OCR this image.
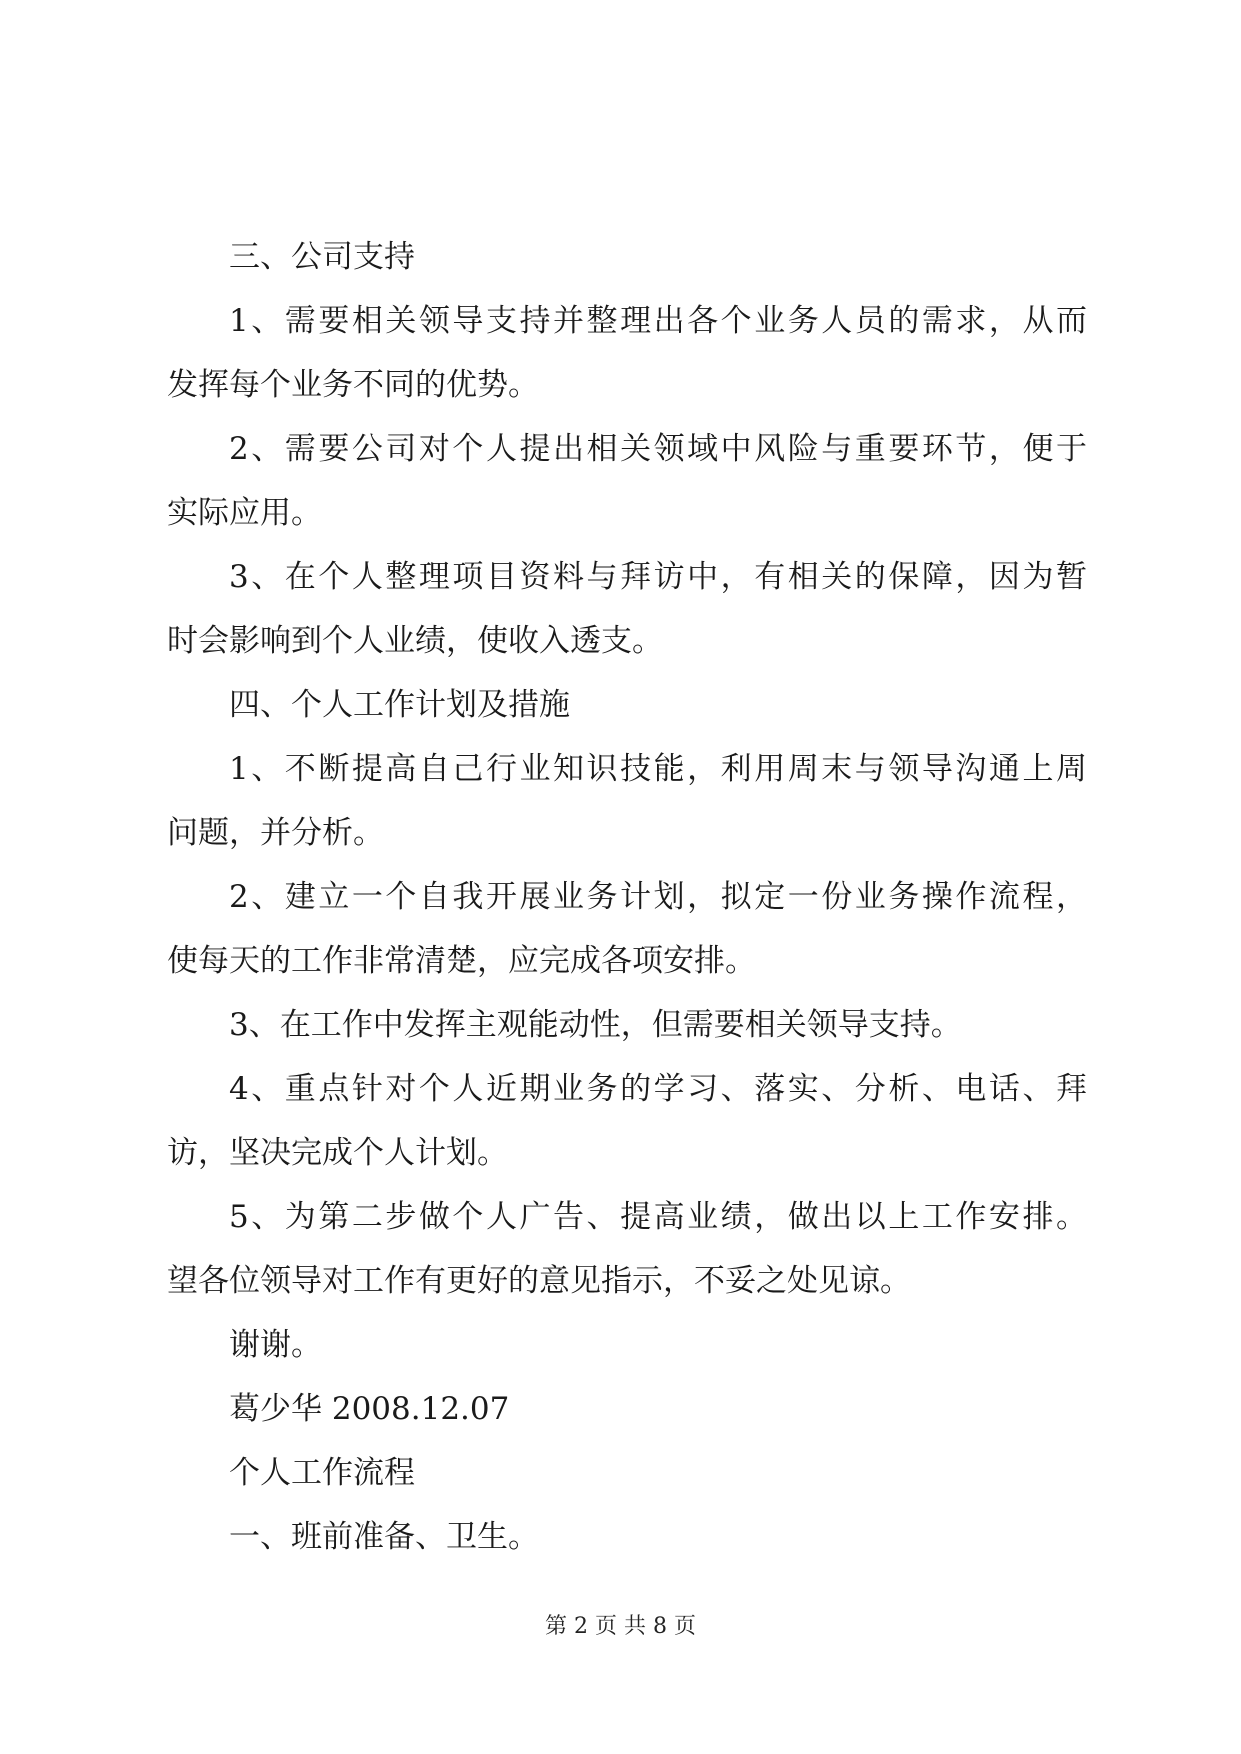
三、公司支持
1、需要相关领导支持并整理出各个业务人员的需求，从而
发挥每个业务不同的优势。
2、需要公司对个人提出相关领域中风险与重要环节，便于
实际应用。
3、在个人整理项目资料与拜访中，有相关的保障，因为暂
时会影响到个人业绩，使收入透支。
四、个人工作计划及措施
1、不断提高自己行业知识技能，利用周末与领导沟通上周
问题，并分析。
2、建立一个自我开展业务计划，拟定一份业务操作流程，
使每天的工作非常清楚，应完成各项安排。
3、在工作中发挥主观能动性，但需要相关领导支持。
4、重点针对个人近期业务的学习、落实、分析、电话、拜
访，坚决完成个人计划。
5、为第二步做个人广告、提高业绩，做出以上工作安排。
望各位领导对工作有更好的意见指示，不妥之处见谅。
谢谢。
葛少华 2008.12.07
个人工作流程
一、班前准备、卫生。
第 2 页 共 8 页
